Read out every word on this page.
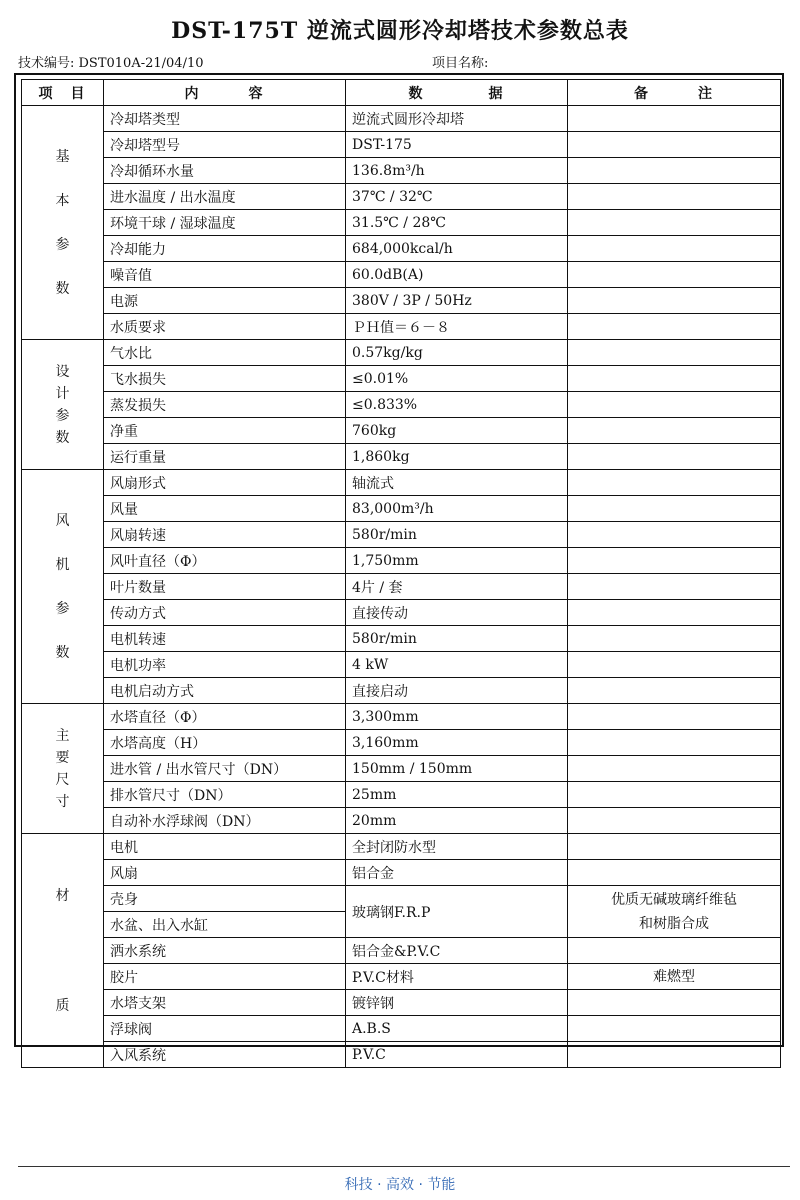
DST-175T 逆流式圆形冷却塔技术参数总表
技术编号: DST010A-21/04/10	项目名称:
项　目	内　　　容	数　　　　据	备　　　注

基
本
参
数	冷却塔类型	逆流式圆形冷却塔	
	冷却塔型号	DST-175	
	冷却循环水量	136.8m³/h	
	进水温度 / 出水温度	37℃ / 32℃	
	环境干球 / 湿球温度	31.5℃ / 28℃	
	冷却能力	684,000kcal/h	
	噪音值	60.0dB(A)	
	电源	380V / 3P / 50Hz	
	水质要求	ＰＨ值＝６－８	

设
计
参
数	气水比	0.57kg/kg	
	飞水损失	≤0.01%	
	蒸发损失	≤0.833%	
	净重	760kg	
	运行重量	1,860kg	

风
机
参
数	风扇形式	轴流式	
	风量	83,000m³/h	
	风扇转速	580r/min	
	风叶直径（Φ）	1,750mm	
	叶片数量	4片 / 套	
	传动方式	直接传动	
	电机转速	580r/min	
	电机功率	4 kW	
	电机启动方式	直接启动	

主
要
尺
寸	水塔直径（Φ）	3,300mm	
	水塔高度（H）	3,160mm	
	进水管 / 出水管尺寸（DN）	150mm / 150mm	
	排水管尺寸（DN）	25mm	
	自动补水浮球阀（DN）	20mm	

材
质	电机	全封闭防水型	
	风扇	铝合金	
	壳身	玻璃钢F.R.P	优质无碱玻璃纤维毡
和树脂合成

	水盆、出入水缸		
	洒水系统	铝合金&P.V.C	
	胶片	P.V.C材料	难燃型
	水塔支架	镀锌钢	
	浮球阀	A.B.S	
	入风系统	P.V.C	
科技 · 高效 · 节能
